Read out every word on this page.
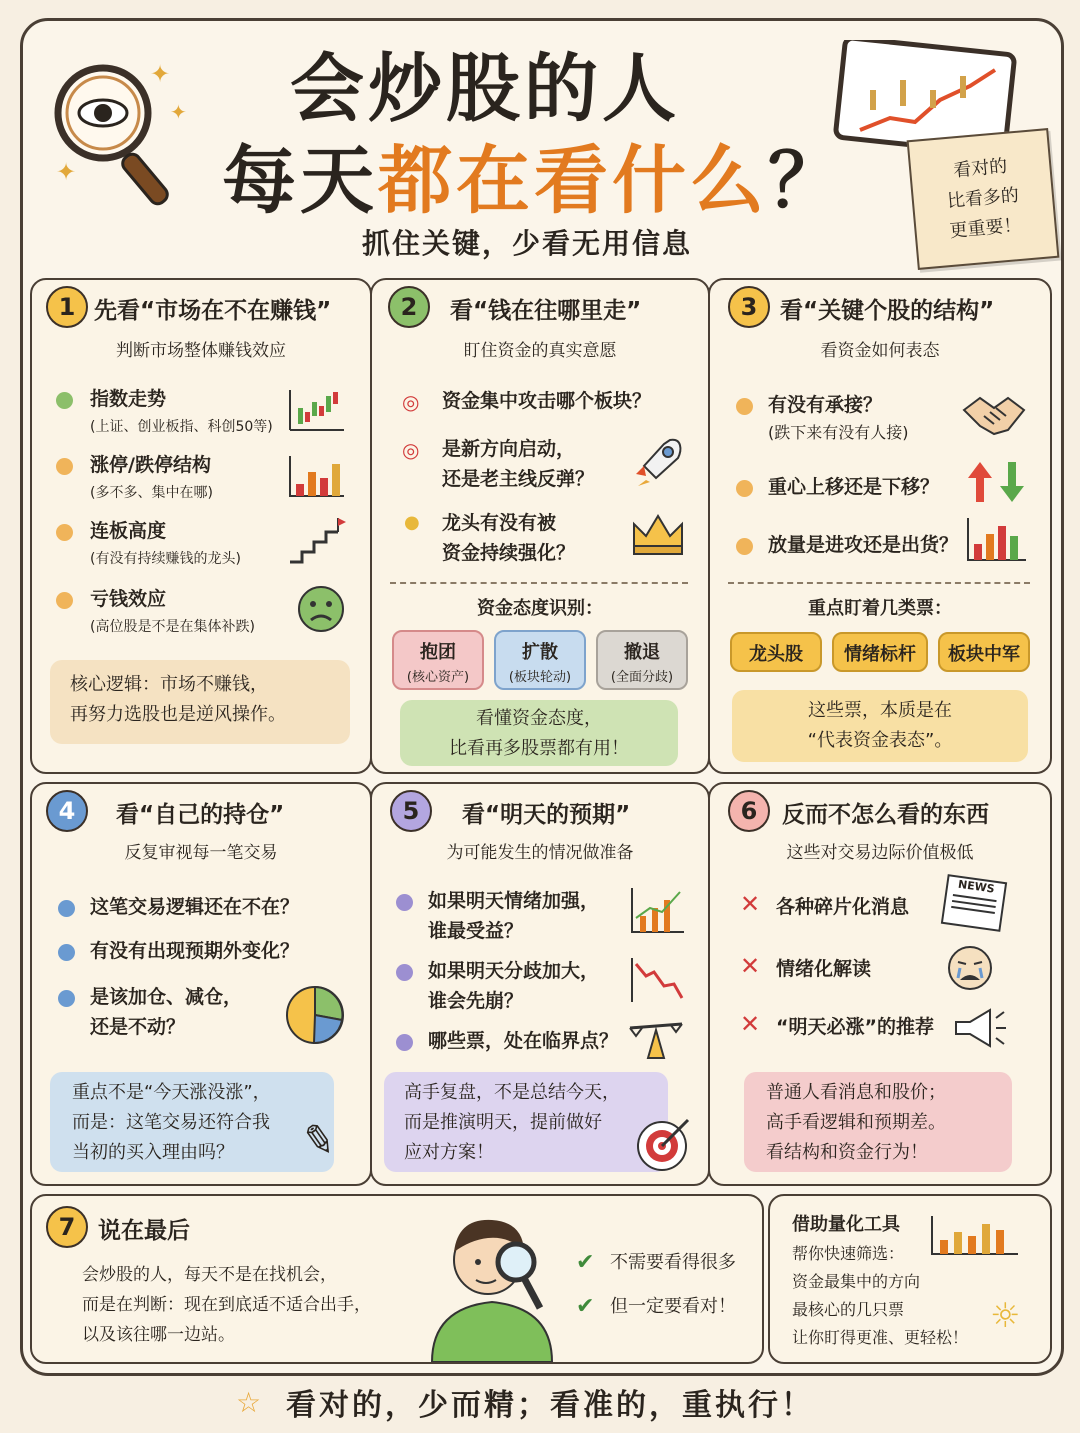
✦
✦
✦
会炒股的人
每天都在看什么？
抓住关键，少看无用信息
看对的
比看多的
更重要！
1 先看“市场在不在赚钱”
判断市场整体赚钱效应
指数走势
(上证、创业板指、科创50等)
涨停/跌停结构
(多不多、集中在哪)
连板高度
(有没有持续赚钱的龙头)
亏钱效应
(高位股是不是在集体补跌)
核心逻辑：市场不赚钱，
再努力选股也是逆风操作。
2	看“钱在往哪里走”
盯住资金的真实意愿
◎ 资金集中攻击哪个板块？
◎ 是新方向启动，
还是老主线反弹？
● 龙头有没有被
资金持续强化？
资金态度识别：
抱团
(核心资产)
扩散
(板块轮动)
撤退
(全面分歧)
看懂资金态度，
比看再多股票都有用！
3 看“关键个股的结构”
看资金如何表态
有没有承接？
(跌下来有没有人接)
重心上移还是下移？
放量是进攻还是出货？
重点盯着几类票：
龙头股	情绪标杆	板块中军
这些票，本质是在
“代表资金表态”。
4	看“自己的持仓”
反复审视每一笔交易
这笔交易逻辑还在不在？
有没有出现预期外变化？
是该加仓、减仓，
还是不动？
重点不是“今天涨没涨”，
而是：这笔交易还符合我
当初的买入理由吗？	✎
5	看“明天的预期”
为可能发生的情况做准备
如果明天情绪加强，
谁最受益？
如果明天分歧加大，
谁会先崩？
哪些票，处在临界点？
高手复盘，不是总结今天，
而是推演明天，提前做好
应对方案！
6	反而不怎么看的东西
这些对交易边际价值极低
✕ 各种碎片化消息
✕ 情绪化解读
✕ “明天必涨”的推荐
NEWS
普通人看消息和股价；
高手看逻辑和预期差。
看结构和资金行为！
7 说在最后
会炒股的人，每天不是在找机会，
而是在判断：现在到底适不适合出手，
以及该往哪一边站。
✔ 不需要看得很多
✔ 但一定要看对！
借助量化工具
帮你快速筛选：
资金最集中的方向
最核心的几只票
让你盯得更准、更轻松！
☼
☆ 看对的，少而精；看准的，重执行！
